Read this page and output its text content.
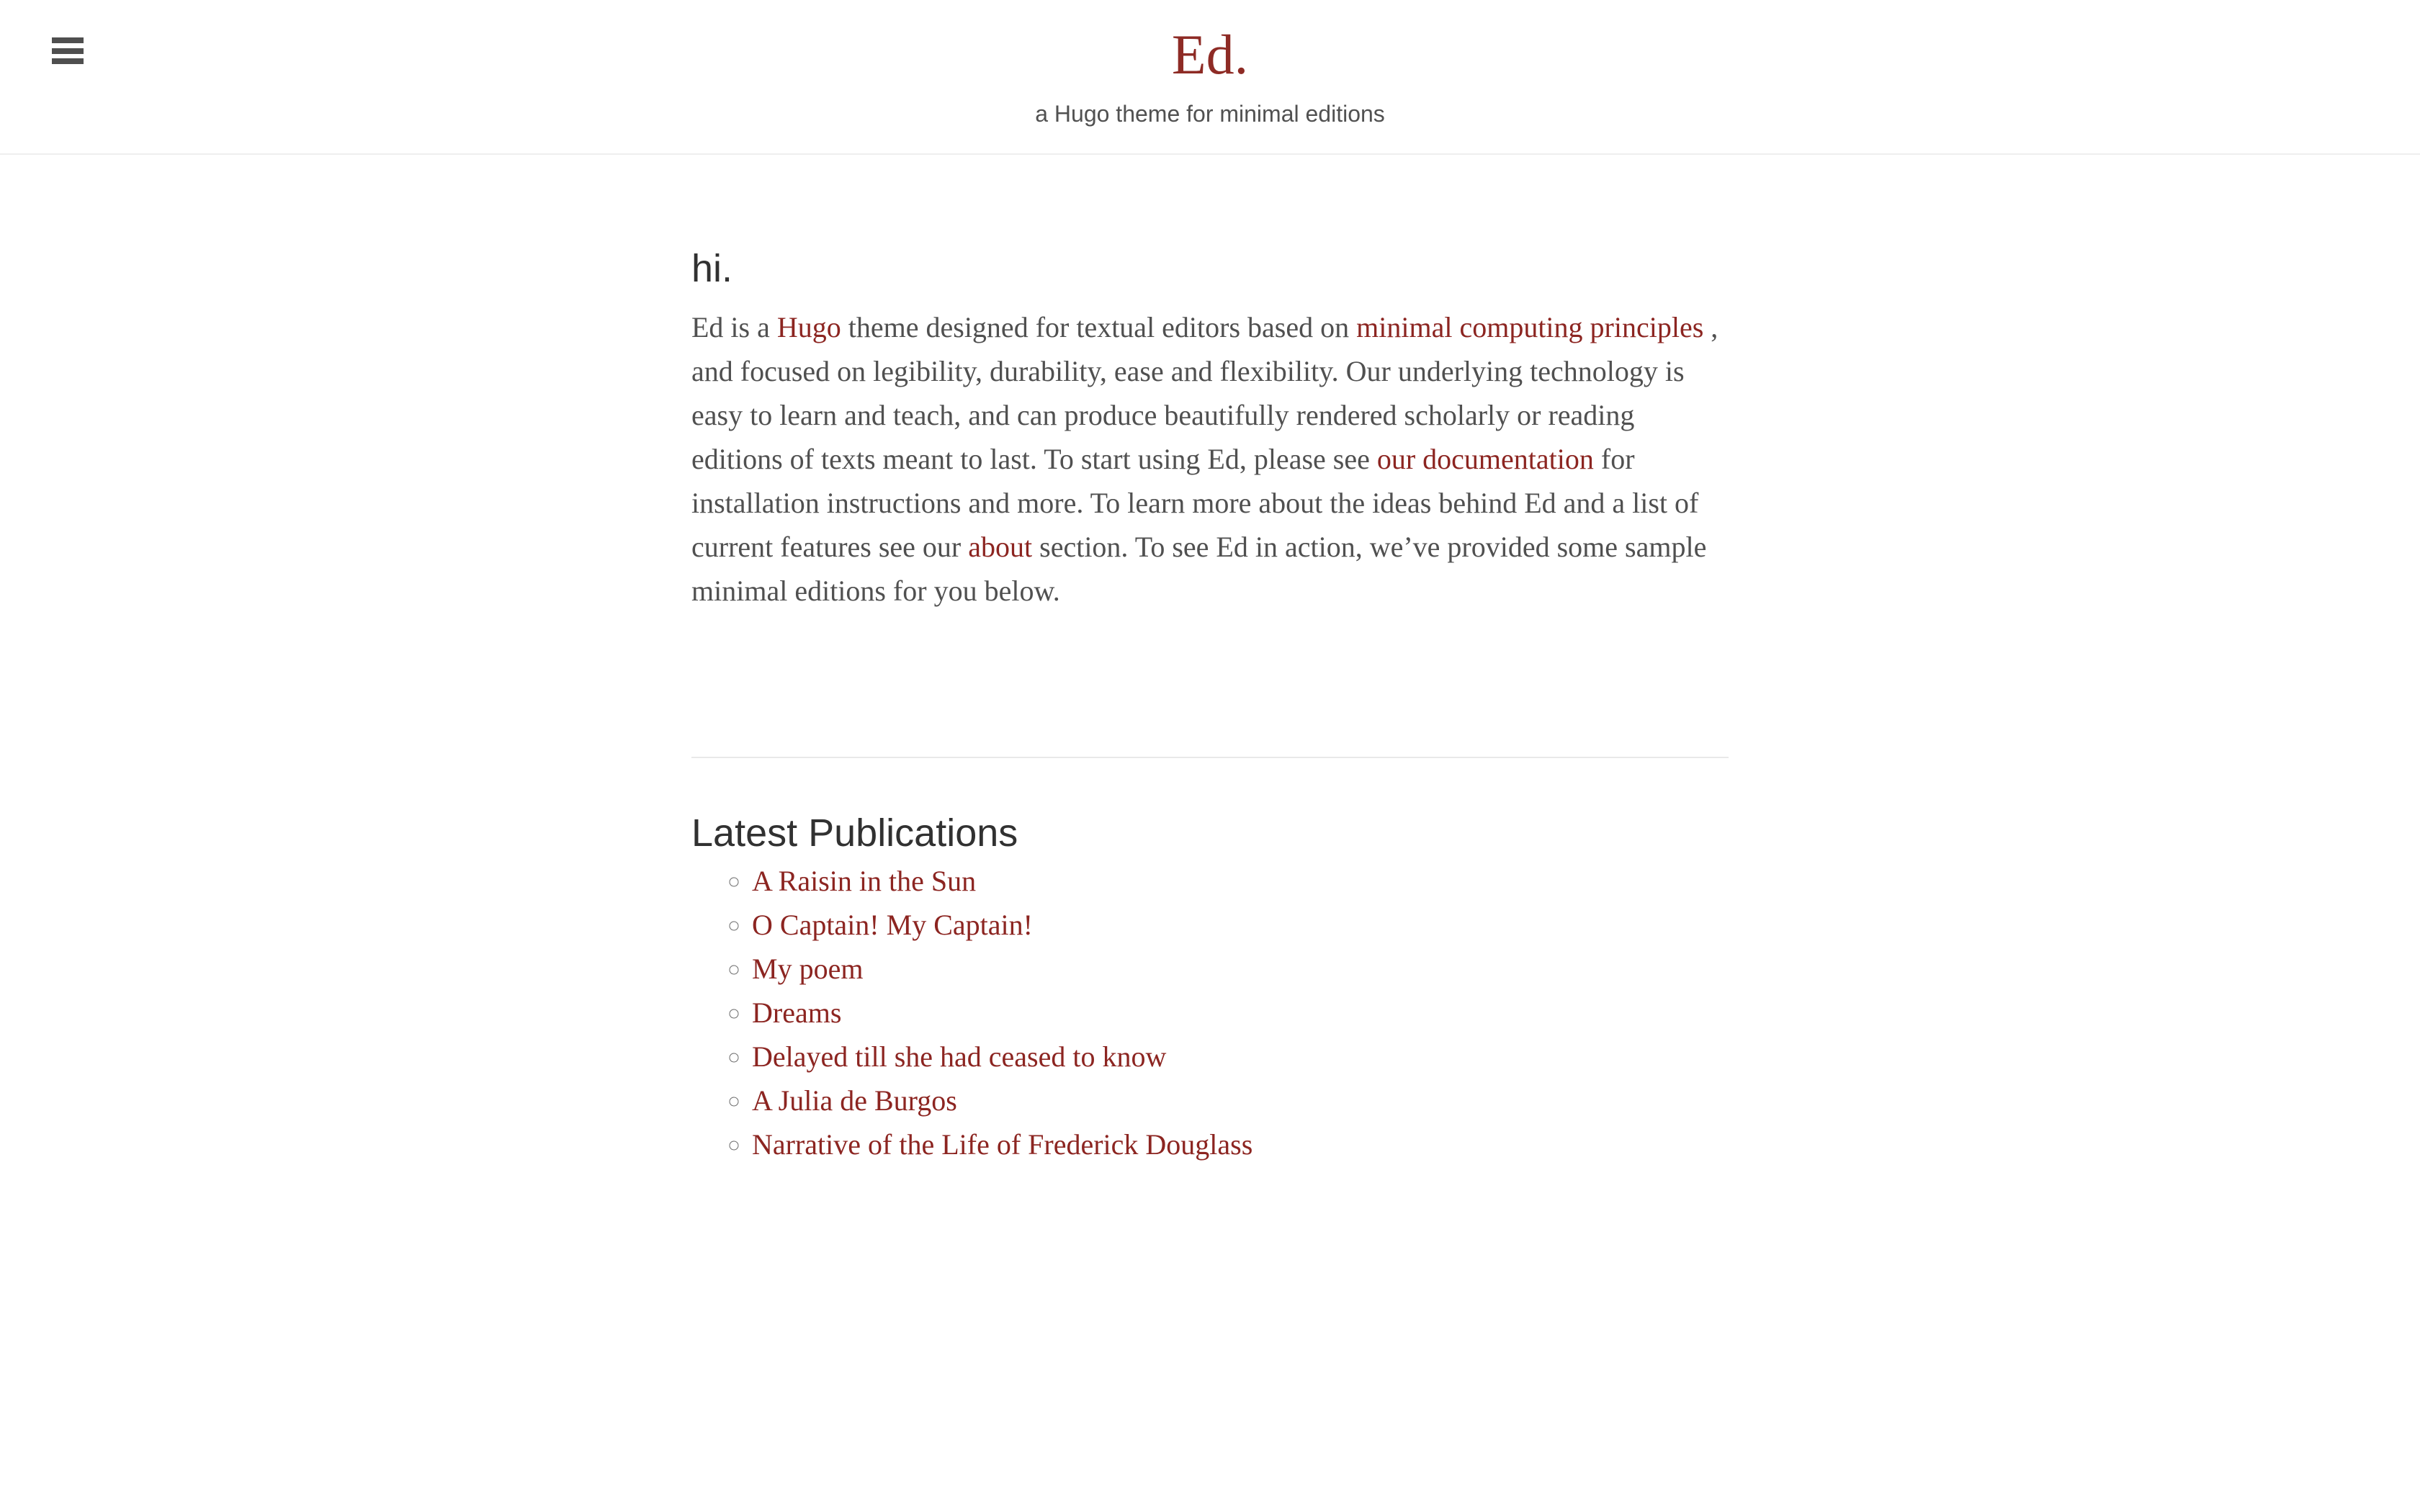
Ed.

a Hugo theme for minimal editions

hi.

Ed is a Hugo theme designed for textual editors based on minimal computing principles , and focused on legibility, durability, ease and flexibility. Our underlying technology is easy to learn and teach, and can produce beautifully rendered scholarly or reading editions of texts meant to last. To start using Ed, please see our documentation for installation instructions and more. To learn more about the ideas behind Ed and a list of current features see our about section. To see Ed in action, we’ve provided some sample minimal editions for you below.

Latest Publications
◦ A Raisin in the Sun
◦ O Captain! My Captain!
◦ My poem
◦ Dreams
◦ Delayed till she had ceased to know
◦ A Julia de Burgos
◦ Narrative of the Life of Frederick Douglass
